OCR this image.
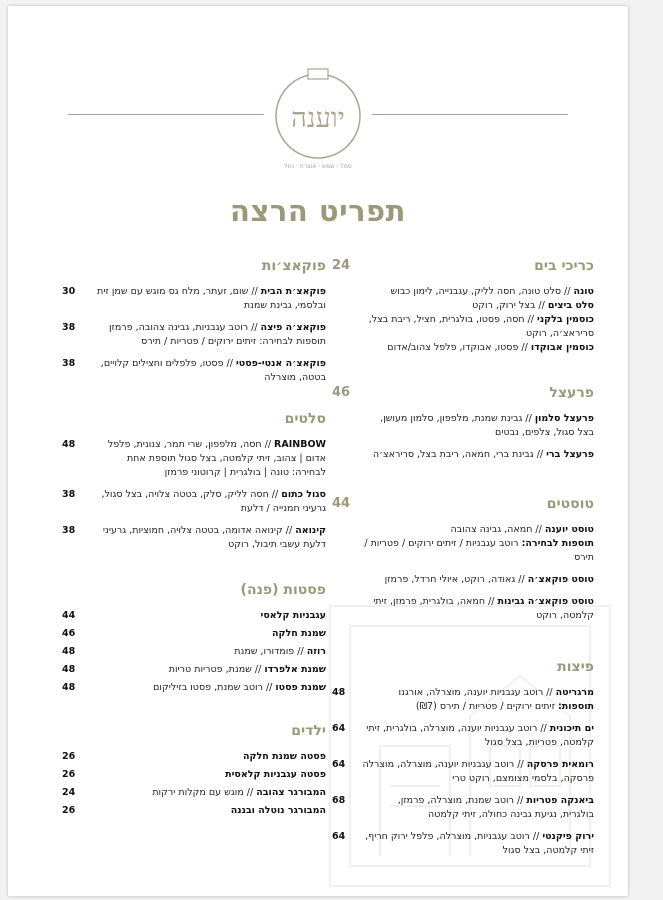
יוענה
סמל · שמש · אוצרת · נחל
תפריט הרצה
כריכי בים
24
טונה // סלט טונה, חסה לליק, עגבנייה, לימון כבוש
סלט ביצים // בצל ירוק, רוקט
כוסמין בלקני // חסה, פסטו, בולגרית, חציל, ריבת בצל, סריראצ׳ה, רוקט
כוסמין אבוקדו // פסטו, אבוקדו, פלפל צהוב/אדום
פרעצל
46
פרעצל סלמון // גבינת שמנת, מלפפון, סלמון מעושן, בצל סגול, צלפים, נבטים
פרעצל ברי // גבינת ברי, חמאה, ריבת בצל, סריראצ׳ה
טוסטים
44
טוסט יוענה // חמאה, גבינה צהובה
תוספות לבחירה: רוטב עגבניות / זיתים ירוקים / פטריות / תירס
טוסט פוקאצ׳ה // גאודה, רוקט, איולי חרדל, פרמזן
טוסט פוקאצ׳ה גבינות // חמאה, בולגרית, פרמזן, זיתי קלמטה, רוקט
פיצות
48	מרגריטה // רוטב עגבניות יוענה, מוצרלה, אורגנו
תוספות: זיתים ירוקים / פטריות / תירס (₪7)
64	ים תיכונית // רוטב עגבניות יוענה, מוצרלה, בולגרית, זיתי קלמטה, פטריות, בצל סגול
64	רומאית פרסקה // רוטב עגבניות יוענה, מוצרלה, מוצרלה פרסקה, בלסמי מצומצם, רוקט טרי
68	ביאנקה פטריות // רוטב שמנת, מוצרלה, פרמזן, בולגרית, נגיעת גבינה כחולה, זיתי קלמטה
64	ירוק פיקנטי // רוטב עגבניות, מוצרלה, פלפל ירוק חריף, זיתי קלמטה, בצל סגול
פוקאצ׳ות
30	פוקאצ׳ת הבית // שום, זעתר, מלח גס מוגש עם שמן זית ובלסמי, גבינת שמנת
38	פוקאצ׳ה פיצה // רוטב עגבניות, גבינה צהובה, פרמזן תוספות לבחירה: זיתים ירוקים / פטריות / תירס
38	פוקאצ׳ה אנטי-פסטי // פסטו, פלפלים וחצילים קלויים, בטטה, מוצרלה
סלטים
48	RAINBOW // חסה, מלפפון, שרי תמר, צנונית, פלפל אדום | צהוב, זיתי קלמטה, בצל סגול תוספת אחת לבחירה: טונה | בולגרית | קרוטוני פרמזן
38	סגול כתום // חסה לליק, סלק, בטטה צלויה, בצל סגול, גרעיני חמנייה / דלעת
38	קינואה // קינואה אדומה, בטטה צלויה, חמוציות, גרעיני דלעת עשבי תיבול, רוקט
פסטות (פנה)
44	עגבניות קלאסי
46	שמנת חלקה
48	רוזה // פומדורו, שמנת
48	שמנת אלפרדו // שמנת, פטריות טריות
48	שמנת פסטו // רוטב שמנת, פסטו בזיליקום
ילדים
26	פסטה שמנת חלקה
26	פסטה עגבניות קלאסית
24	המבורגר צהובה // מוגש עם מקלות ירקות
26	המבורגר נוטלה ובננה
